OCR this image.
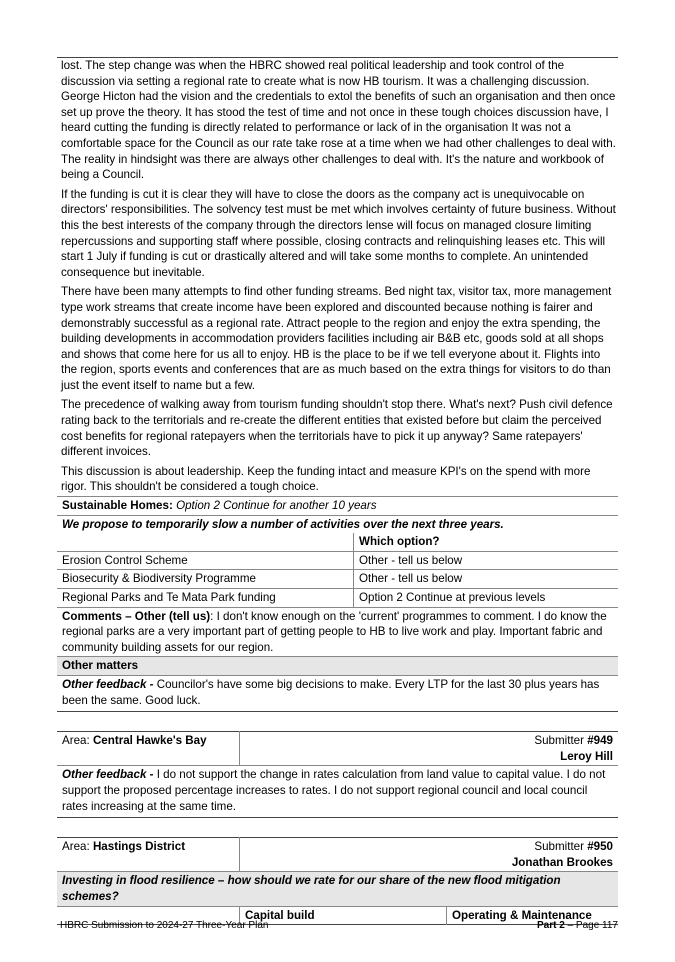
lost. The step change was when the HBRC showed real political leadership and took control of the discussion via setting a regional rate to create what is now HB tourism. It was a challenging discussion. George Hicton had the vision and the credentials to extol the benefits of such an organisation and then once set up prove the theory. It has stood the test of time and not once in these tough choices discussion have, I heard cutting the funding is directly related to performance or lack of in the organisation It was not a comfortable space for the Council as our rate take rose at a time when we had other challenges to deal with. The reality in hindsight was there are always other challenges to deal with. It's the nature and workbook of being a Council.

If the funding is cut it is clear they will have to close the doors as the company act is unequivocable on directors' responsibilities. The solvency test must be met which involves certainty of future business. Without this the best interests of the company through the directors lense will focus on managed closure limiting repercussions and supporting staff where possible, closing contracts and relinquishing leases etc. This will start 1 July if funding is cut or drastically altered and will take some months to complete. An unintended consequence but inevitable.

There have been many attempts to find other funding streams. Bed night tax, visitor tax, more management type work streams that create income have been explored and discounted because nothing is fairer and demonstrably successful as a regional rate. Attract people to the region and enjoy the extra spending, the building developments in accommodation providers facilities including air B&B etc, goods sold at all shops and shows that come here for us all to enjoy. HB is the place to be if we tell everyone about it. Flights into the region, sports events and conferences that are as much based on the extra things for visitors to do than just the event itself to name but a few.

The precedence of walking away from tourism funding shouldn't stop there. What's next? Push civil defence rating back to the territorials and re-create the different entities that existed before but claim the perceived cost benefits for regional ratepayers when the territorials have to pick it up anyway? Same ratepayers' different invoices.

This discussion is about leadership. Keep the funding intact and measure KPI's on the spend with more rigor. This shouldn't be considered a tough choice.

Sustainable Homes: Option 2 Continue for another 10 years	
We propose to temporarily slow a number of activities over the next three years.	
	Which option?
Erosion Control Scheme	Other - tell us below
Biosecurity & Biodiversity Programme	Other - tell us below
Regional Parks and Te Mata Park funding	Option 2 Continue at previous levels
Comments – Other (tell us): I don't know enough on the 'current' programmes to comment. I do know the regional parks are a very important part of getting people to HB to live work and play. Important fabric and community building assets for our region.	
Other matters	
Other feedback - Councilor's have some big decisions to make. Every LTP for the last 30 plus years has been the same. Good luck.	
Area: Central Hawke's Bay	Submitter #949
Leroy Hill
Other feedback - I do not support the change in rates calculation from land value to capital value. I do not support the proposed percentage increases to rates. I do not support regional council and local council rates increasing at the same time.
Area: Hastings District	Submitter #950
Jonathan Brookes	
Investing in flood resilience – how should we rate for our share of the new flood mitigation schemes?		
	Capital build	Operating & Maintenance
HBRC Submission to 2024-27 Three-Year Plan	Part 2 – Page 117
